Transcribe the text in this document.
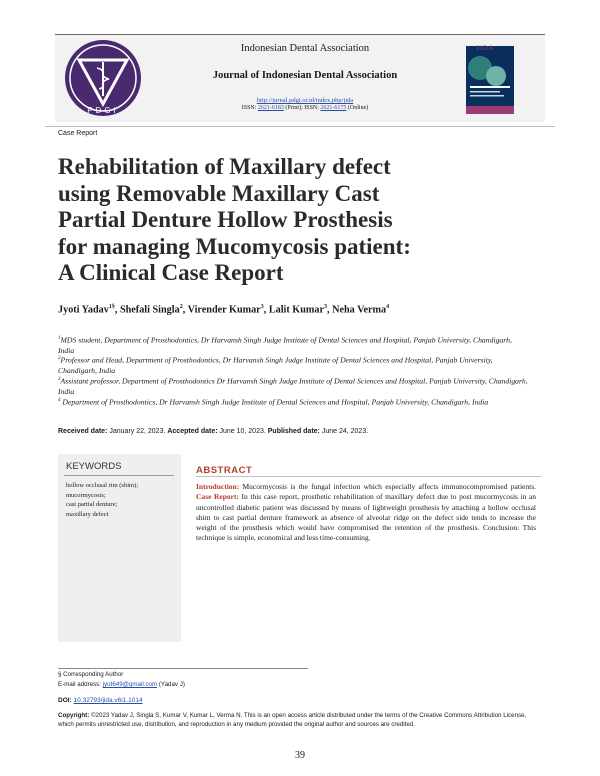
PDGI
Indonesian Dental Association
Journal of Indonesian Dental Association
http://jurnal.pdgi.or.id/index.php/jida
ISSN: 2621-6183 (Print); ISSN: 2621-6175 (Online)
JIDA
Case Report
Rehabilitation of Maxillary defect
using Removable Maxillary Cast
Partial Denture Hollow Prosthesis
for managing Mucomycosis patient:
A Clinical Case Report
Jyoti Yadav$^{1\S}$, Shefali Singla$^2$, Virender Kumar$^3$, Lalit Kumar$^3$, Neha Verma$^4$
$^1$MDS student, Department of Prosthodontics, Dr Harvansh Singh Judge Institute of Dental Sciences and Hospital, Panjab University, Chandigarh, India
$^2$Professor and Head, Department of Prosthodontics, Dr Harvansh Singh Judge Institute of Dental Sciences and Hospital, Panjab University, Chandigarh, India
$^3$Assistant professor, Department of Prosthodontics Dr Harvansh Singh Judge Institute of Dental Sciences and Hospital, Panjab University, Chandigarh, India
$^4$ Department of Prosthodontics, Dr Harvansh Singh Judge Institute of Dental Sciences and Hospital, Panjab University, Chandigarh, India
Received date: January 22, 2023. Accepted date: June 10, 2023. Published date: June 24, 2023.
KEYWORDS
hollow occlusal rim (shim);
mucormycosis;
cast partial denture;
maxillary defect
ABSTRACT
Introduction: Mucormycosis is the fungal infection which especially affects immunocompromised patients. Case Report: In this case report, prosthetic rehabilitation of maxillary defect due to post mucormycosis in an uncontrolled diabetic patient was discussed by means of lightweight prosthesis by attaching a hollow occlusal shim to cast partial denture framework as absence of alveolar ridge on the defect side tends to increase the weight of the prosthesis which would have compromised the retention of the prosthesis. Conclusion: This technique is simple, economical and less time-consuming.
§ Corresponding Author
E-mail address: jyot649@gmail.com (Yadav J)
DOI: 10.32793/jida.v6i1.1014
Copyright: ©2023 Yadav J, Singla S, Kumar V, Kumar L, Verma N. This is an open access article distributed under the terms of the Creative Commons Attribution License, which permits unrestricted use, distribution, and reproduction in any medium provided the original author and sources are credited.
39
